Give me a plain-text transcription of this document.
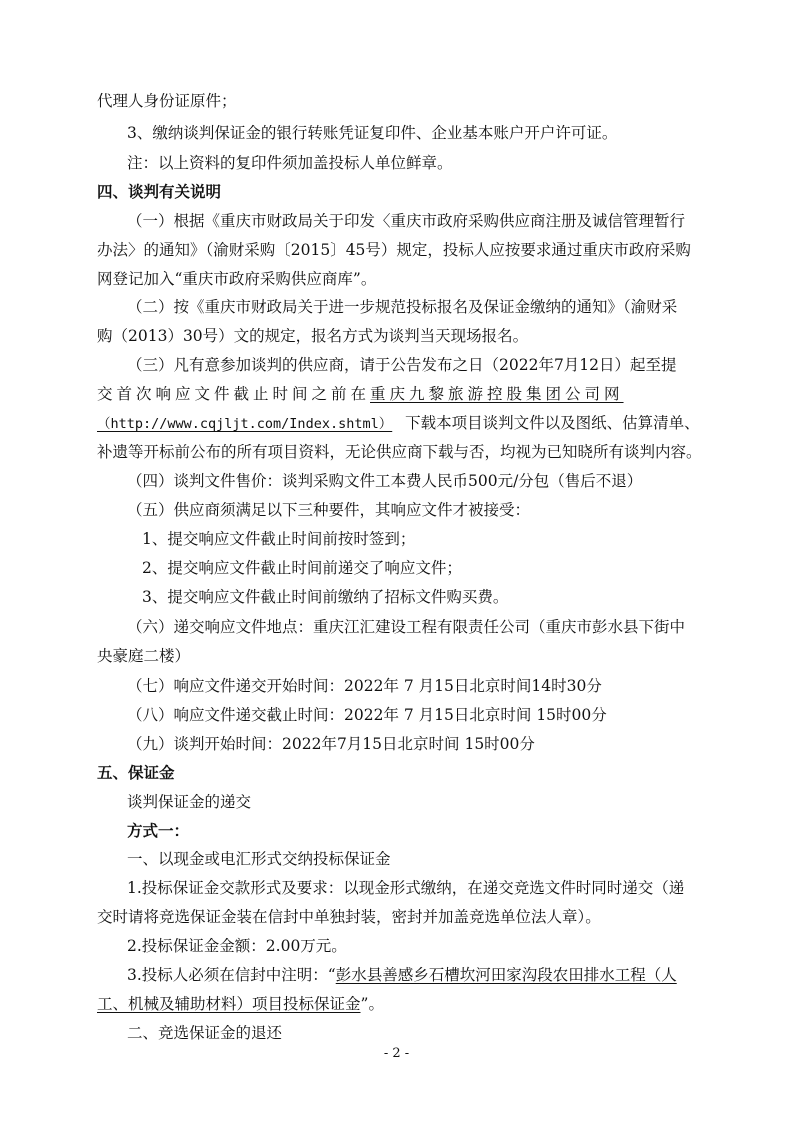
代理人身份证原件；
3、缴纳谈判保证金的银行转账凭证复印件、企业基本账户开户许可证。
注：以上资料的复印件须加盖投标人单位鲜章。
四、谈判有关说明
（一）根据《重庆市财政局关于印发〈重庆市政府采购供应商注册及诚信管理暂行
办法〉的通知》（渝财采购〔2015〕45号）规定，投标人应按要求通过重庆市政府采购
网登记加入“重庆市政府采购供应商库”。
（二）按《重庆市财政局关于进一步规范投标报名及保证金缴纳的通知》（渝财采
购（2013）30号）文的规定，报名方式为谈判当天现场报名。
（三）凡有意参加谈判的供应商，请于公告发布之日（2022年7月12日）起至提
交首次响应文件截止时间之前在重庆九黎旅游控股集团公司网
（http://www.cqjljt.com/Index.shtml） 下载本项目谈判文件以及图纸、估算清单、
补遗等开标前公布的所有项目资料，无论供应商下载与否，均视为已知晓所有谈判内容。
（四）谈判文件售价：谈判采购文件工本费人民币500元/分包（售后不退）
（五）供应商须满足以下三种要件，其响应文件才被接受：
1、提交响应文件截止时间前按时签到；
2、提交响应文件截止时间前递交了响应文件；
3、提交响应文件截止时间前缴纳了招标文件购买费。
（六）递交响应文件地点：重庆江汇建设工程有限责任公司（重庆市彭水县下街中
央豪庭二楼）
（七）响应文件递交开始时间：2022年 7 月15日北京时间14时30分
（八）响应文件递交截止时间：2022年 7 月15日北京时间 15时00分
（九）谈判开始时间：2022年7月15日北京时间 15时00分
五、保证金
谈判保证金的递交
方式一：
一、以现金或电汇形式交纳投标保证金
1.投标保证金交款形式及要求：以现金形式缴纳，在递交竞选文件时同时递交（递
交时请将竞选保证金装在信封中单独封装，密封并加盖竞选单位法人章）。
2.投标保证金金额：2.00万元。
3.投标人必须在信封中注明：“彭水县善感乡石槽坎河田家沟段农田排水工程（人
工、机械及辅助材料）项目投标保证金”。
二、竞选保证金的退还
- 2 -
